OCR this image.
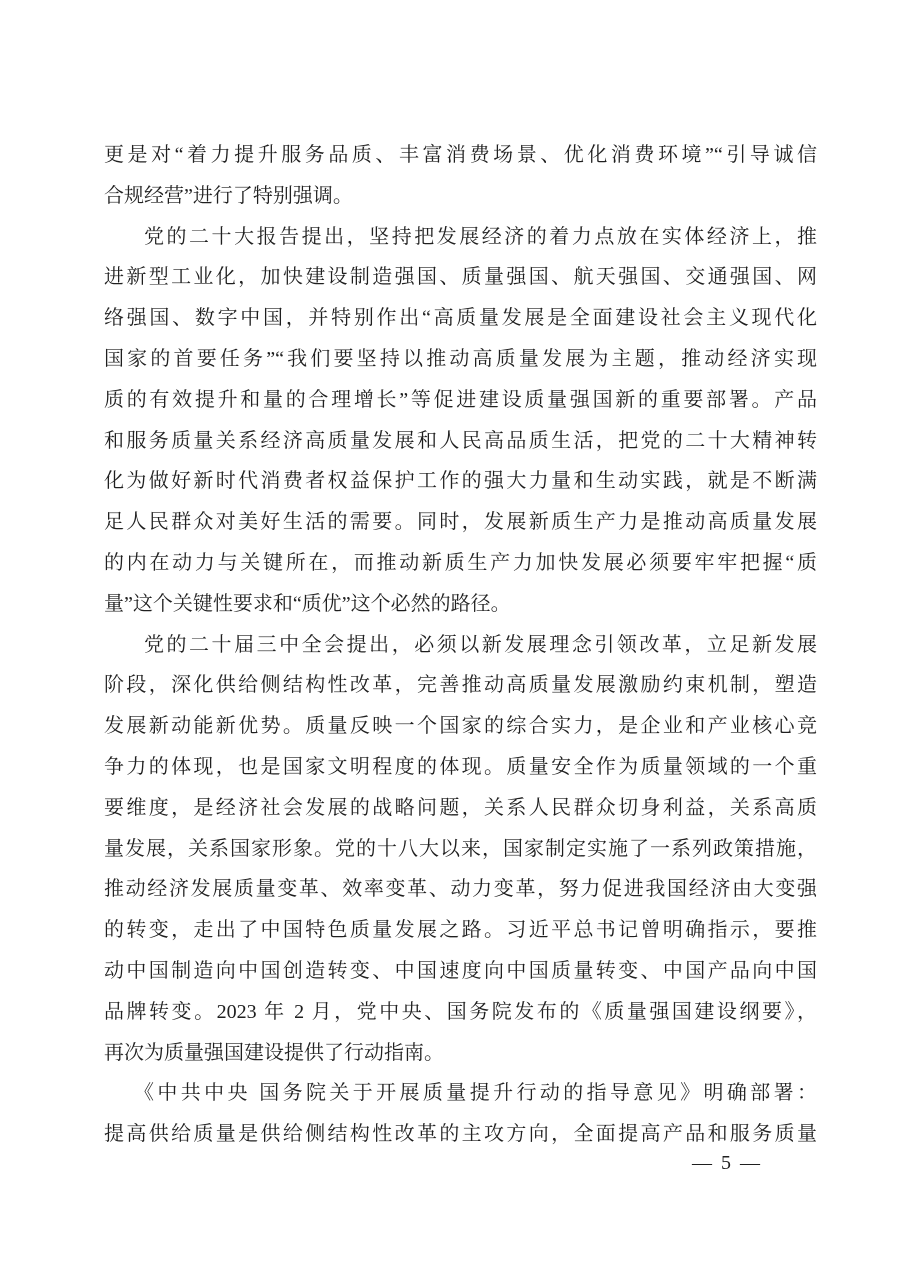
更是对“着力提升服务品质、丰富消费场景、优化消费环境”“引导诚信
合规经营”进行了特别强调。
党的二十大报告提出，坚持把发展经济的着力点放在实体经济上，推
进新型工业化，加快建设制造强国、质量强国、航天强国、交通强国、网
络强国、数字中国，并特别作出“高质量发展是全面建设社会主义现代化
国家的首要任务”“我们要坚持以推动高质量发展为主题，推动经济实现
质的有效提升和量的合理增长”等促进建设质量强国新的重要部署。产品
和服务质量关系经济高质量发展和人民高品质生活，把党的二十大精神转
化为做好新时代消费者权益保护工作的强大力量和生动实践，就是不断满
足人民群众对美好生活的需要。同时，发展新质生产力是推动高质量发展
的内在动力与关键所在，而推动新质生产力加快发展必须要牢牢把握“质
量”这个关键性要求和“质优”这个必然的路径。
党的二十届三中全会提出，必须以新发展理念引领改革，立足新发展
阶段，深化供给侧结构性改革，完善推动高质量发展激励约束机制，塑造
发展新动能新优势。质量反映一个国家的综合实力，是企业和产业核心竞
争力的体现，也是国家文明程度的体现。质量安全作为质量领域的一个重
要维度，是经济社会发展的战略问题，关系人民群众切身利益，关系高质
量发展，关系国家形象。党的十八大以来，国家制定实施了一系列政策措施，
推动经济发展质量变革、效率变革、动力变革，努力促进我国经济由大变强
的转变，走出了中国特色质量发展之路。习近平总书记曾明确指示，要推
动中国制造向中国创造转变、中国速度向中国质量转变、中国产品向中国
品牌转变。2023 年 2 月，党中央、国务院发布的《质量强国建设纲要》，
再次为质量强国建设提供了行动指南。
《中共中央 国务院关于开展质量提升行动的指导意见》明确部署：
提高供给质量是供给侧结构性改革的主攻方向，全面提高产品和服务质量
— 5 —
